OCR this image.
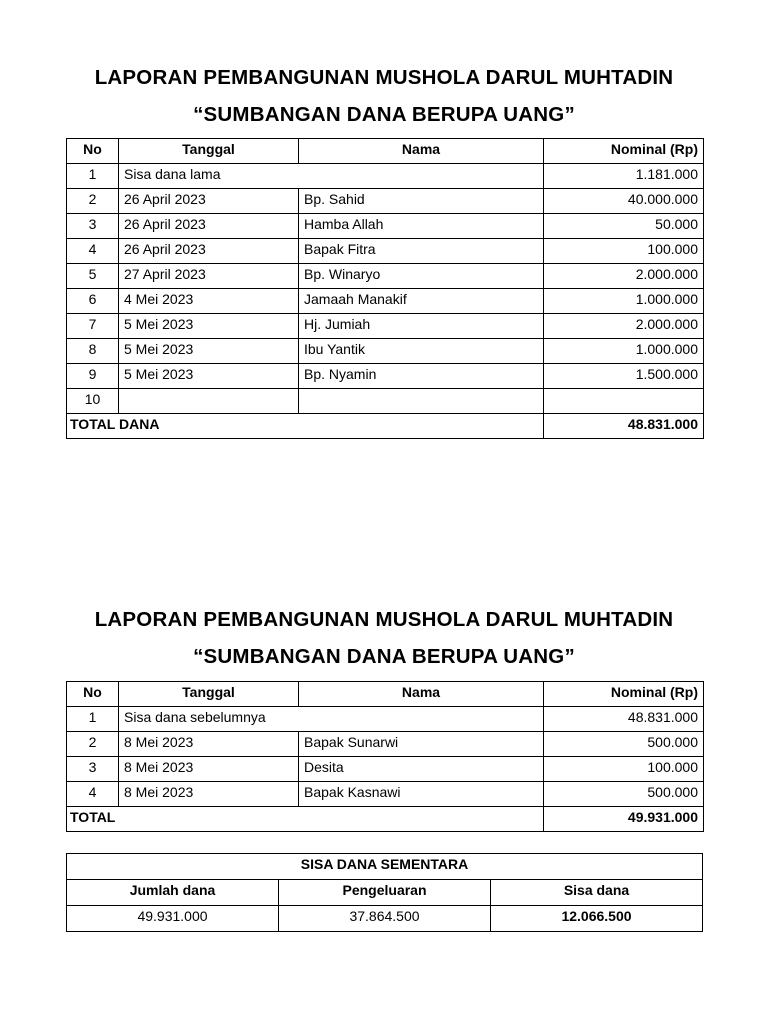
LAPORAN PEMBANGUNAN MUSHOLA DARUL MUHTADIN
“SUMBANGAN DANA BERUPA UANG”
No	Tanggal	Nama	Nominal (Rp)
1	Sisa dana lama		1.181.000
2	26 April 2023	Bp. Sahid	40.000.000
3	26 April 2023	Hamba Allah	50.000
4	26 April 2023	Bapak Fitra	100.000
5	27 April 2023	Bp. Winaryo	2.000.000
6	4 Mei 2023	Jamaah Manakif	1.000.000
7	5 Mei 2023	Hj. Jumiah	2.000.000
8	5 Mei 2023	Ibu Yantik	1.000.000
9	5 Mei 2023	Bp. Nyamin	1.500.000
10			
TOTAL DANA			48.831.000
LAPORAN PEMBANGUNAN MUSHOLA DARUL MUHTADIN
“SUMBANGAN DANA BERUPA UANG”
No	Tanggal	Nama	Nominal (Rp)
1	Sisa dana sebelumnya		48.831.000
2	8 Mei 2023	Bapak Sunarwi	500.000
3	8 Mei 2023	Desita	100.000
4	8 Mei 2023	Bapak Kasnawi	500.000
TOTAL			49.931.000
SISA DANA SEMENTARA		
Jumlah dana	Pengeluaran	Sisa dana
49.931.000	37.864.500	12.066.500
